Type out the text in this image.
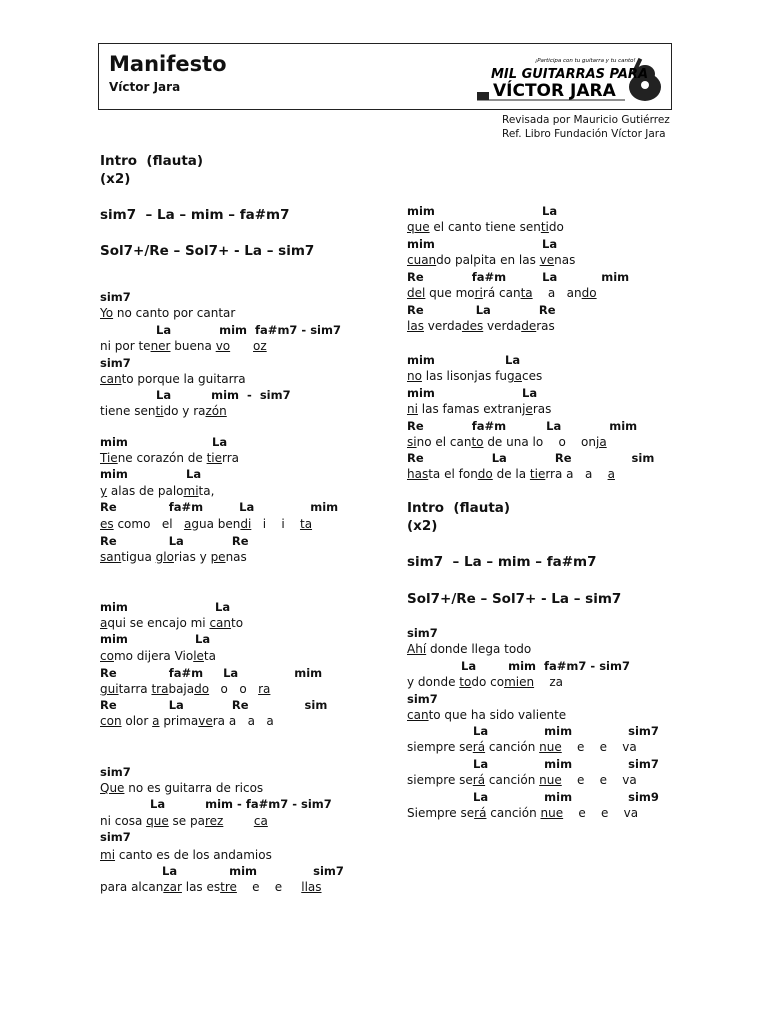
Manifesto
Víctor Jara
¡Participa con tu guitarra y tu canto!
MIL GUITARRAS PARA
VÍCTOR JARA
Revisada por Mauricio Gutiérrez
Ref. Libro Fundación Víctor Jara
Intro  (flauta)
(x2)
sim7  – La – mim – fa#m7
Sol7+/Re – Sol7+ - La – sim7
sim7
Yo no canto por cantar
La            mim  fa#m7 - sim7
ni por tener buena vo oz
sim7
canto porque la guitarra
La          mim  -  sim7
tiene sentido y razón
mim	La
Tiene corazón de tierra
mim	La
y alas de palomita,
Re             fa#m         La              mim
es como   el   agua bendi   i    i    ta
Re             La            Re
santigua glorias y penas
mim	La
aqui se encajo mi canto
mim	La
como dijera Violeta
Re             fa#m     La              mim
guitarra trabajado   o   o   ra
Re             La            Re              sim
con olor a primavera a   a   a
sim7
Que no es guitarra de ricos
La          mim - fa#m7 - sim7
ni cosa que se parez	ca
sim7
mi canto es de los andamios
La             mim              sim7
para alcanzar las estre    e    e     llas
mim	La
que el canto tiene sentido
mim	La
cuando palpita en las venas
Re            fa#m         La           mim
del que morirá canta    a   ando
Re             La            Re
las verdades verdaderas
mim	La
no las lisonjas fugaces
mim	La
ni las famas extranjeras
Re            fa#m          La            mim
sino el canto de una lo    o    onja
Re                 La            Re               sim
hasta el fondo de la tierra a   a    a
Intro  (flauta)
(x2)
sim7  – La – mim – fa#m7
Sol7+/Re – Sol7+ - La – sim7
sim7
Ahí donde llega todo
La        mim  fa#m7 - sim7
y donde todo comien    za
sim7
canto que ha sido valiente
La              mim              sim7
siempre será canción nue    e    e    va
La              mim              sim7
siempre será canción nue    e    e    va
La              mim              sim9
Siempre será canción nue    e    e    va
